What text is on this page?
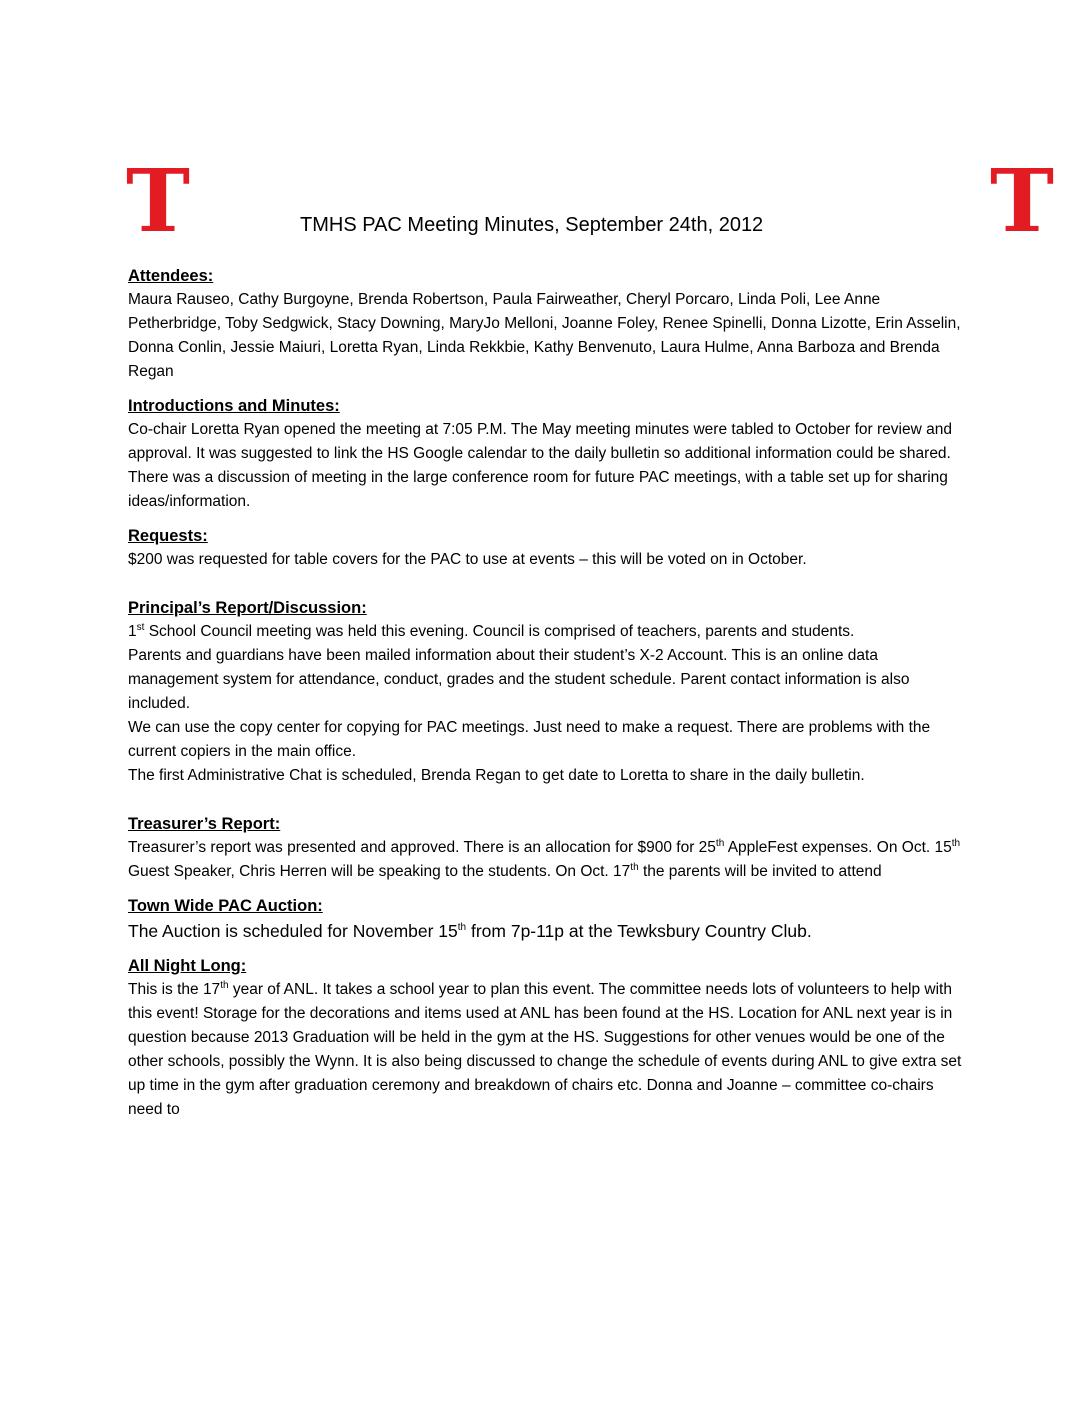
T	T
TMHS PAC Meeting Minutes, September 24th, 2012
Attendees:

Maura Rauseo, Cathy Burgoyne, Brenda Robertson, Paula Fairweather, Cheryl Porcaro, Linda Poli, Lee Anne Petherbridge, Toby Sedgwick, Stacy Downing, MaryJo Melloni, Joanne Foley, Renee Spinelli, Donna Lizotte, Erin Asselin, Donna Conlin, Jessie Maiuri, Loretta Ryan, Linda Rekkbie, Kathy Benvenuto, Laura Hulme, Anna Barboza and Brenda Regan

Introductions and Minutes:

Co-chair Loretta Ryan opened the meeting at 7:05 P.M. The May meeting minutes were tabled to October for review and approval. It was suggested to link the HS Google calendar to the daily bulletin so additional information could be shared. There was a discussion of meeting in the large conference room for future PAC meetings, with a table set up for sharing ideas/information.

Requests:

$200 was requested for table covers for the PAC to use at events – this will be voted on in October.

Principal’s Report/Discussion:

1st School Council meeting was held this evening. Council is comprised of teachers, parents and students.

Parents and guardians have been mailed information about their student’s X-2 Account. This is an online data management system for attendance, conduct, grades and the student schedule. Parent contact information is also included.

We can use the copy center for copying for PAC meetings. Just need to make a request. There are problems with the current copiers in the main office.

The first Administrative Chat is scheduled, Brenda Regan to get date to Loretta to share in the daily bulletin.

Treasurer’s Report:

Treasurer’s report was presented and approved. There is an allocation for $900 for 25th AppleFest expenses. On Oct. 15th Guest Speaker, Chris Herren will be speaking to the students. On Oct. 17th the parents will be invited to attend

Town Wide PAC Auction:

The Auction is scheduled for November 15th from 7p-11p at the Tewksbury Country Club.

All Night Long:

This is the 17th year of ANL. It takes a school year to plan this event. The committee needs lots of volunteers to help with this event! Storage for the decorations and items used at ANL has been found at the HS. Location for ANL next year is in question because 2013 Graduation will be held in the gym at the HS. Suggestions for other venues would be one of the other schools, possibly the Wynn. It is also being discussed to change the schedule of events during ANL to give extra set up time in the gym after graduation ceremony and breakdown of chairs etc. Donna and Joanne – committee co-chairs need to
